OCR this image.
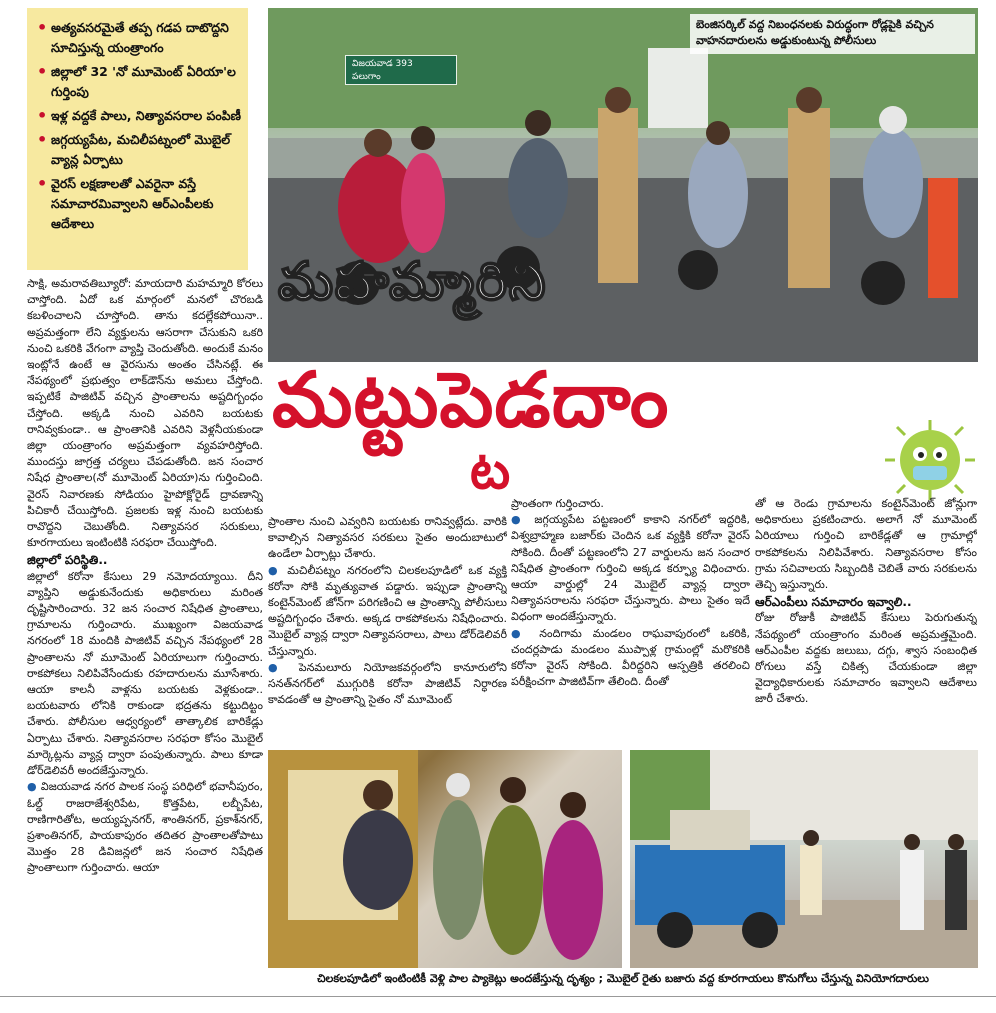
• అత్యవసరమైతే తప్ప గడప దాటొద్దని సూచిస్తున్న యంత్రాంగం
• జిల్లాలో 32 'నో మూమెంట్ ఏరియా'ల గుర్తింపు
• ఇళ్ల వద్దకే పాలు, నిత్యావసరాల పంపిణీ
• జగ్గయ్యపేట, మచిలీపట్నంలో మొబైల్ వ్యాన్ల ఏర్పాటు
• వైరస్ లక్షణాలతో ఎవరైనా వస్తే సమాచారమివ్వాలని ఆర్‌ఎంపీలకు ఆదేశాలు
బెంజిసర్కిల్ వద్ద నిబంధనలకు విరుద్ధంగా రోడ్లపైకి వచ్చిన వాహనదారులను అడ్డుకుంటున్న పోలీసులు
విజయవాడ 393
పలుగాం
మహమ్మారిని
మట్టుపెడదాం
ట

సాక్షి, అమరావతిబ్యూరో: మాయదారి మహమ్మారి కోరలు చాస్తోంది. ఏదో ఒక మార్గంలో మనలో చొరబడి కబళించాలని చూస్తోంది. తాను కదల్లేకపోయినా.. అప్రమత్తంగా లేని వ్యక్తులను ఆసరాగా చేసుకుని ఒకరి నుంచి ఒకరికి వేగంగా వ్యాప్తి చెందుతోంది. అందుకే మనం ఇంట్లోనే ఉంటే ఆ వైరసును అంతం చేసినట్లే. ఈ నేపథ్యంలో ప్రభుత్వం లాక్‌డౌన్‌ను అమలు చేస్తోంది. ఇప్పటికే పాజిటివ్ వచ్చిన ప్రాంతాలను అష్టదిగ్బంధం చేస్తోంది. అక్కడి నుంచి ఎవరిని బయటకు రానివ్వకుండా.. ఆ ప్రాంతానికి ఎవరిని వెళ్లనీయకుండా జిల్లా యంత్రాంగం అప్రమత్తంగా వ్యవహరిస్తోంది. ముందస్తు జాగ్రత్త చర్యలు చేపడుతోంది. జన సంచార నిషేధ ప్రాంతాల(నో మూమెంట్ ఏరియా)ను గుర్తించింది. వైరస్ నివారణకు సోడియం హైపోక్లోరైడ్ ద్రావణాన్ని పిచికారీ చేయిస్తోంది. ప్రజలకు ఇళ్ల నుంచి బయటకు రావొద్దని చెబుతోంది. నిత్యావసర సరుకులు, కూరగాయలు ఇంటింటికి సరఫరా చేయిస్తోంది.

జిల్లాలో పరిస్థితి..

జిల్లాలో కరోనా కేసులు 29 నమోదయ్యాయి. దీని వ్యాప్తిని అడ్డుకునేందుకు అధికారులు మరింత దృష్టిసారించారు. 32 జన సంచార నిషేధిత ప్రాంతాలు, గ్రామాలను గుర్తించారు. ముఖ్యంగా విజయవాడ నగరంలో 18 మందికి పాజిటివ్ వచ్చిన నేపథ్యంలో 28 ప్రాంతాలను నో మూమెంట్ ఏరియాలుగా గుర్తించారు. రాకపోకలు నిలిపివేసేందుకు రహదారులను మూసేశారు. ఆయా కాలనీ వాళ్లను బయటకు వెళ్లకుండా.. బయటవారు లోనికి రాకుండా భద్రతను కట్టుదిట్టం చేశారు. పోలీసుల ఆధ్వర్యంలో తాత్కాలిక బారికేడ్లు ఏర్పాటు చేశారు. నిత్యావసరాల సరఫరా కోసం మొబైల్ మార్కెట్లను వ్యాన్ల ద్వారా పంపుతున్నారు. పాలు కూడా డోర్‌డెలివరీ అందజేస్తున్నారు.

● విజయవాడ నగర పాలక సంస్థ పరిధిలో భవానీపురం, ఓల్డ్ రాజరాజేశ్వరిపేట, కొత్తపేట, లబ్బీపేట, రాణిగారితోట, అయ్యప్పనగర్, శాంతినగర్, ప్రకాశ్‌నగర్, ప్రశాంతినగర్, పాయకాపురం తదితర ప్రాంతాలతోపాటు మొత్తం 28 డివిజన్లలో జన సంచార నిషేధిత ప్రాంతాలుగా గుర్తించారు. ఆయా

ప్రాంతాల నుంచి ఎవ్వరిని బయటకు రానివ్వట్లేదు. వారికి కావాల్సిన నిత్యావసర సరకులు సైతం అందుబాటులో ఉండేలా ఏర్పాట్లు చేశారు.

● మచిలీపట్నం నగరంలోని చిలకలపూడిలో ఒక వ్యక్తి కరోనా సోకి మృత్యువాత పడ్డారు. ఇప్పుడా ప్రాంతాన్ని కంటైన్‌మెంట్ జోన్‌గా పరిగణించి ఆ ప్రాంతాన్ని పోలీసులు అష్టదిగ్బంధం చేశారు. అక్కడ రాకపోకలను నిషేధించారు. మొబైల్ వ్యాన్ల ద్వారా నిత్యావసరాలు, పాలు డోర్‌డెలివరీ చేస్తున్నారు.

● పెనమలూరు నియోజకవర్గంలోని కానూరులోని సనత్‌నగర్‌లో ముగ్గురికి కరోనా పాజిటివ్ నిర్ధారణ కావడంతో ఆ ప్రాంతాన్ని సైతం నో మూమెంట్

ప్రాంతంగా గుర్తించారు.

● జగ్గయ్యపేట పట్టణంలో కాకాని నగర్‌లో ఇద్దరికి, విశ్వబ్రాహ్మణ బజార్‌కు చెందిన ఒక వ్యక్తికి కరోనా వైరస్ సోకింది. దీంతో పట్టణంలోని 27 వార్డులను జన సంచార నిషేధిత ప్రాంతంగా గుర్తించి అక్కడ కర్ఫ్యూ విధించారు. ఆయా వార్డుల్లో 24 మొబైల్ వ్యాన్ల ద్వారా నిత్యావసరాలను సరఫరా చేస్తున్నారు. పాలు సైతం ఇదే విధంగా అందజేస్తున్నారు.

● నందిగామ మండలం రాఘవాపురంలో ఒకరికి, చందర్లపాడు మండలం ముప్పాళ్ల గ్రామంల్లో మరొకరికి కరోనా వైరస్ సోకింది. వీరిద్దరిని ఆస్పత్రికి తరలించి పరీక్షించగా పాజిటివ్‌గా తేలింది. దీంతో

తో ఆ రెండు గ్రామాలను కంటైన్‌మెంట్ జోన్లుగా అధికారులు ప్రకటించారు. అలాగే నో మూమెంట్ ఏరియాలు గుర్తించి బారికేడ్లతో ఆ గ్రామాల్లో రాకపోకలను నిలిపివేశారు. నిత్యావసరాల కోసం గ్రామ సచివాలయ సిబ్బందికి చెబితే వారు సరకులను తెచ్చి ఇస్తున్నారు.

ఆర్‌ఎంపీలు సమాచారం ఇవ్వాలి..

రోజు రోజుకీ పాజిటివ్ కేసులు పెరుగుతున్న నేపథ్యంలో యంత్రాంగం మరింత అప్రమత్తమైంది. ఆర్‌ఎంపీల వద్దకు జలుబు, దగ్గు, శ్వాస సంబంధిత రోగులు వస్తే చికిత్స చేయకుండా జిల్లా వైద్యాధికారులకు సమాచారం ఇవ్వాలని ఆదేశాలు జారీ చేశారు.

చిలకలపూడిలో ఇంటింటికీ వెళ్లి పాల ప్యాకెట్లు అందజేస్తున్న దృశ్యం ; మొబైల్ రైతు బజారు వద్ద కూరగాయలు కొనుగోలు చేస్తున్న వినియోగదారులు
